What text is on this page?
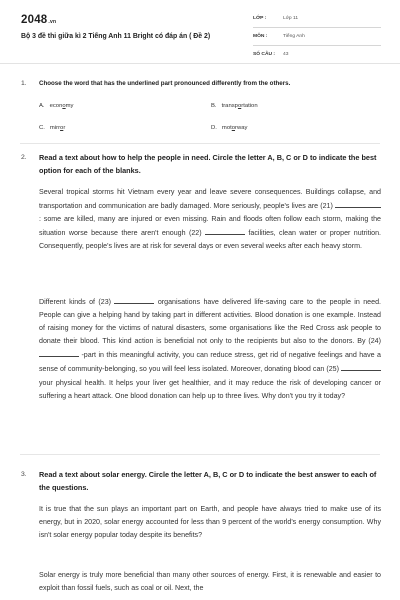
2048.vn
Bộ 3 đề thi giữa kì 2 Tiếng Anh 11 Bright có đáp án ( Đề 2)
LỚP :	Lớp 11
MÔN :	Tiếng Anh
SỐ CÂU : 43
1. Choose the word that has the underlined part pronounced differently from the others.
A. economy	B. transportation
C. mirror	D. motorway
2. Read a text about how to help the people in need. Circle the letter A, B, C or D to indicate the best option for each of the blanks.
Several tropical storms hit Vietnam every year and leave severe consequences. Buildings collapse, and transportation and communication are badly damaged. More seriously, people's lives are (21) : some are killed, many are injured or even missing. Rain and floods often follow each storm, making the situation worse because there aren't enough (22)	facilities, clean water or proper nutrition. Consequently, people's lives are at risk for several days or even several weeks after each heavy storm.
Different kinds of (23)	organisations have delivered life-saving care to the people in need. People can give a helping hand by taking part in different activities. Blood donation is one example. Instead of raising money for the victims of natural disasters, some organisations like the Red Cross ask people to donate their blood. This kind action is beneficial not only to the recipients but also to the donors. By (24)  -part in this meaningful activity, you can reduce stress, get rid of negative feelings and have a sense of community-belonging, so you will feel less isolated. Moreover, donating blood can (25)  your physical health. It helps your liver get healthier, and it may reduce the risk of developing cancer or suffering a heart attack. One blood donation can help up to three lives. Why don't you try it today?
3. Read a text about solar energy. Circle the letter A, B, C or D to indicate the best answer to each of the questions.
It is true that the sun plays an important part on Earth, and people have always tried to make use of its energy, but in 2020, solar energy accounted for less than 9 percent of the world's energy consumption. Why isn't solar energy popular today despite its benefits?
Solar energy is truly more beneficial than many other sources of energy. First, it is renewable and easier to exploit than fossil fuels, such as coal or oil. Next, the
